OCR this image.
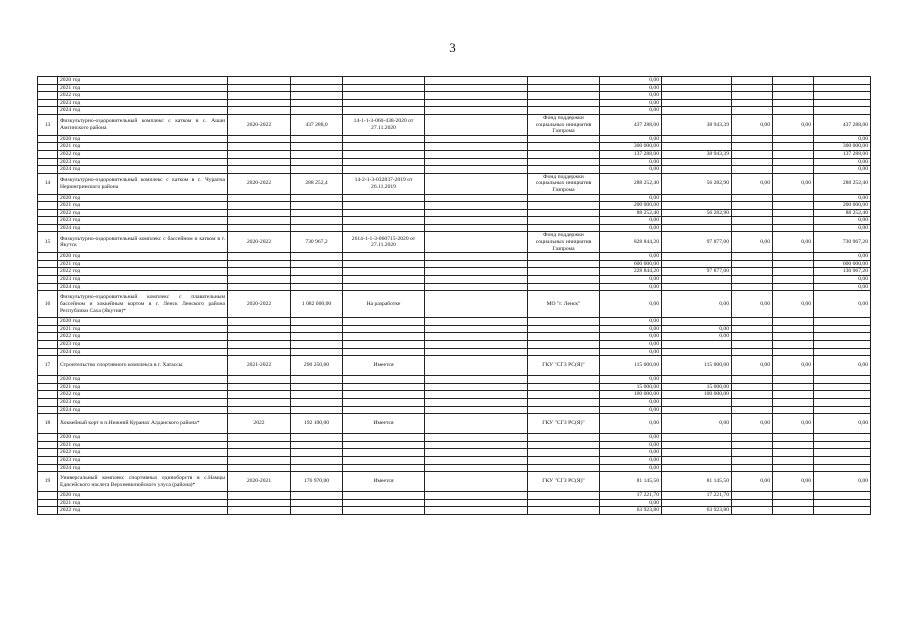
3
	2020 год						0,00				
	2021 год						0,00				
	2022 год						0,00				
	2023 год						0,00				
	2024 год						0,00				
13	Физкультурно-оздоровительный комплекс с катком в с. Ашан Амгинского района	2020-2022	437 288,0	14-1-1-3-060-438-2020 от 27.11.2020		Фонд поддержки социальных инициатив Газпрома	437 288,00	38 943,39	0,00	0,00	437 288,00
	2020 год						0,00				0,00
	2021 год						300 000,00				300 000,00
	2022 год						137 288,00	38 943,39			137 288,00
	2023 год						0,00				0,00
	2024 год						0,00				0,00
14	Физкультурно-оздоровительный комплекс с катком в с. Чурапча Нерюнгринского района	2020-2022	288 252,4	14-2-1-3-032837-2019 от 26.11.2019		Фонд поддержки социальных инициатив Газпрома	288 252,40	56 282,90	0,00	0,00	288 252,40
	2020 год						0,00				0,00
	2021 год						200 000,00				200 000,00
	2022 год						88 252,40	56 282,90			88 252,40
	2023 год						0,00				0,00
	2024 год						0,00				0,00
15	Физкультурно-оздоровительный комплекс с бассейном и катком в г. Якутск	2020-2022	730 967,2	2614-1-1-3-060715-2020 от 27.11.2020		Фонд поддержки социальных инициатив Газпрома	828 844,20	97 877,00	0,00	0,00	730 967,20
	2020 год						0,00				0,00
	2021 год						600 000,00				600 000,00
	2022 год						228 844,20	97 877,00			130 967,20
	2023 год						0,00				0,00
	2024 год						0,00				0,00
16	Физкультурно-оздоровительный комплекс с плавательным бассейном и хоккейным кортом в г. Ленск Ленского района Республики Саха (Якутия)*	2020-2022	1 082 000,00	На разработке		МО "г. Ленск"	0,00	0,00	0,00	0,00	0,00
	2020 год						0,00				
	2021 год						0,00	0,00			
	2022 год						0,00	0,00			
	2023 год						0,00				
	2024 год						0,00				
17	Строительство спортивного комплекса в г. Хатассы	2021-2022	290 250,00	Имеется		ГКУ "СГЗ РС(Я)"	115 000,00	115 000,00	0,00	0,00	0,00
	2020 год						0,00				
	2021 год						15 000,00	15 000,00			
	2022 год						100 000,00	100 000,00			
	2023 год						0,00				
	2024 год						0,00				
18	Хоккейный корт в п.Нижний Куранах Алданского района*	2022	192 100,00	Имеется		ГКУ "СГЗ РС(Я)"	0,00	0,00	0,00	0,00	0,00
	2020 год						0,00				
	2021 год						0,00				
	2022 год						0,00				
	2023 год						0,00				
	2024 год						0,00				
19	Универсальный комплекс спортивных единоборств в с.Намцы Едисейского наслега Верхневилюйского улуса (района)*	2020-2021	176 970,00	Имеется		ГКУ "СГЗ РС(Я)"	81 145,50	81 145,50	0,00	0,00	0,00
	2020 год						17 221,70	17 221,70			
	2021 год						0,00				
	2022 год						63 923,80	63 923,80			
